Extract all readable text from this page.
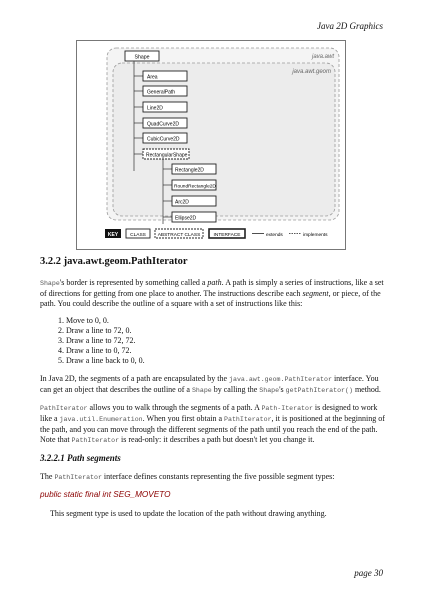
Java 2D Graphics
java.awt
java.awt.geom
Shape
Area
GeneralPath
Line2D
QuadCurve2D
CubicCurve2D
RectangularShape
Rectangle2D
RoundRectangle2D
Arc2D
Ellipse2D
KEY CLASS ABSTRACT CLASS	INTERFACE	extends	implements

3.2.2 java.awt.geom.PathIterator

Shape's border is represented by something called a path. A path is simply a series of instructions, like a set of directions for getting from one place to another. The instructions describe each segment, or piece, of the path. You could describe the outline of a square with a set of instructions like this:

1. Move to 0, 0.
2. Draw a line to 72, 0.
3. Draw a line to 72, 72.
4. Draw a line to 0, 72.
5. Draw a line back to 0, 0.

In Java 2D, the segments of a path are encapsulated by the java.awt.geom.PathIterator interface. You can get an object that describes the outline of a Shape by calling the Shape's getPathIterator() method.

PathIterator allows you to walk through the segments of a path. A Path-Iterator is designed to work like a java.util.Enumeration. When you first obtain a PathIterator, it is positioned at the beginning of the path, and you can move through the different segments of the path until you reach the end of the path. Note that PathIterator is read-only: it describes a path but doesn't let you change it.

3.2.2.1 Path segments

The PathIterator interface defines constants representing the five possible segment types:

public static final int SEG_MOVETO

This segment type is used to update the location of the path without drawing anything.

page 30
